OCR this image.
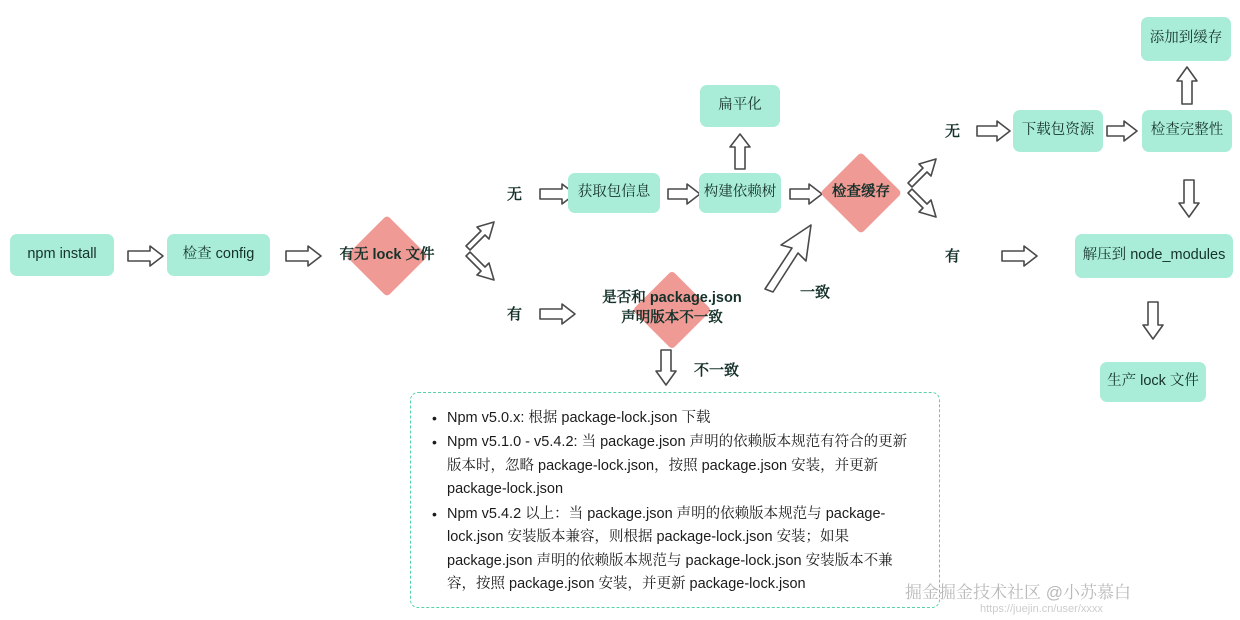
npm install	检查 config	有无 lock 文件
无	获取包信息	构建依赖树
扁平化
检查缓存
无	下载包资源	检查完整性
添加到缓存
有	解压到 node_modules
生产 lock 文件
有
是否和 package.json
声明版本不一致
一致
不一致
• Npm v5.0.x: 根据 package-lock.json 下载
• Npm v5.1.0 - v5.4.2: 当 package.json 声明的依赖版本规范有符合的更新版本时，忽略 package-lock.json，按照 package.json 安装，并更新 package-lock.json
• Npm v5.4.2 以上：当 package.json 声明的依赖版本规范与 package-lock.json 安装版本兼容，则根据 package-lock.json 安装；如果 package.json 声明的依赖版本规范与 package-lock.json 安装版本不兼容，按照 package.json 安装，并更新 package-lock.json	掘金掘金技术社区 @小苏慕白
https://juejin.cn/user/xxxx
